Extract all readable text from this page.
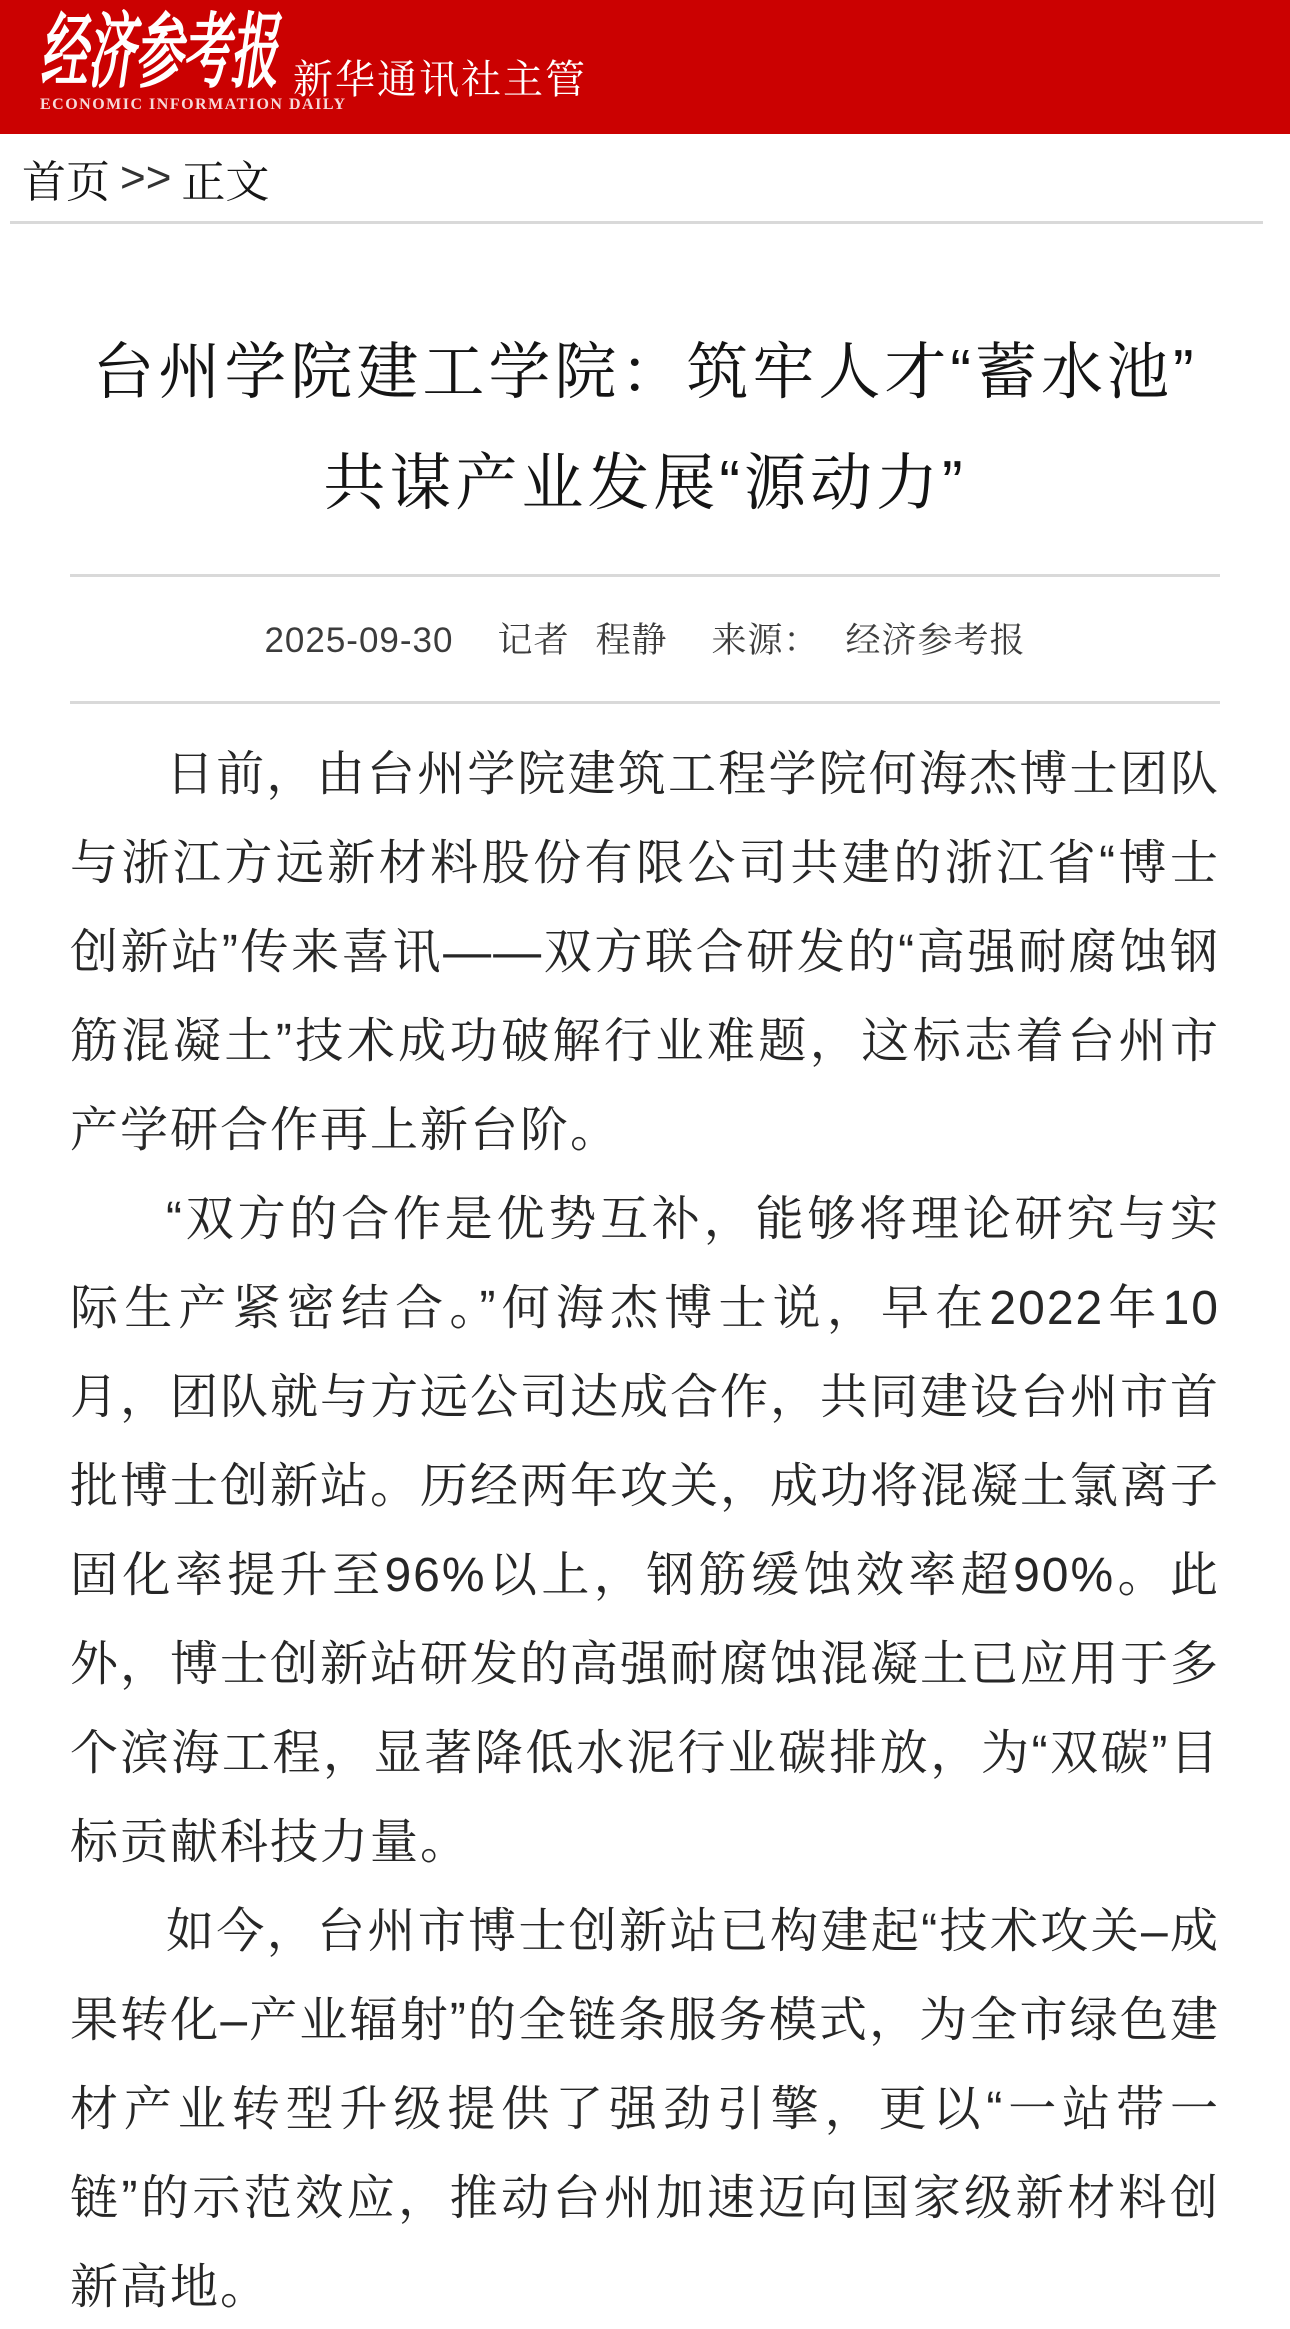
经济参考报
ECONOMIC INFORMATION DAILY
新华通讯社主管
首页 >> 正文
台州学院建工学院：筑牢人才“蓄水池”　共谋产业发展“源动力”
2025-09-30 记者 程静 来源： 经济参考报

日前，由台州学院建筑工程学院何海杰博士团队与浙江方远新材料股份有限公司共建的浙江省“博士创新站”传来喜讯——双方联合研发的“高强耐腐蚀钢筋混凝土”技术成功破解行业难题，这标志着台州市产学研合作再上新台阶。

“双方的合作是优势互补，能够将理论研究与实际生产紧密结合。”何海杰博士说，早在2022年10月，团队就与方远公司达成合作，共同建设台州市首批博士创新站。历经两年攻关，成功将混凝土氯离子固化率提升至96%以上，钢筋缓蚀效率超90%。此外，博士创新站研发的高强耐腐蚀混凝土已应用于多个滨海工程，显著降低水泥行业碳排放，为“双碳”目标贡献科技力量。

如今，台州市博士创新站已构建起“技术攻关–成果转化–产业辐射”的全链条服务模式，为全市绿色建材产业转型升级提供了强劲引擎，更以“一站带一链”的示范效应，推动台州加速迈向国家级新材料创新高地。
